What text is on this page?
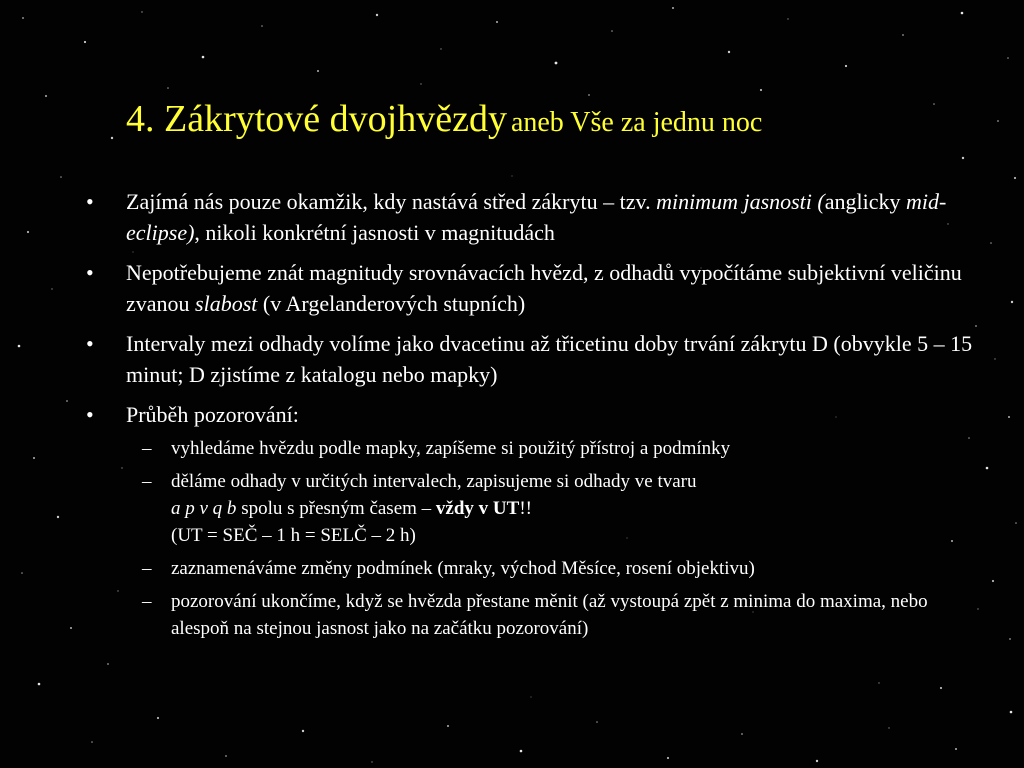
4. Zákrytové dvojhvězdy aneb Vše za jednu noc
• Zajímá nás pouze okamžik, kdy nastává střed zákrytu – tzv. minimum jasnosti (anglicky mid-eclipse), nikoli konkrétní jasnosti v magnitudách
• Nepotřebujeme znát magnitudy srovnávacích hvězd, z odhadů vypočítáme subjektivní veličinu zvanou slabost (v Argelanderových stupních)
• Intervaly mezi odhady volíme jako dvacetinu až třicetinu doby trvání zákrytu D (obvykle 5 – 15 minut; D zjistíme z katalogu nebo mapky)
• Průběh pozorování:
– vyhledáme hvězdu podle mapky, zapíšeme si použitý přístroj a podmínky
– děláme odhady v určitých intervalech, zapisujeme si odhady ve tvaru
a p v q b spolu s přesným časem – vždy v UT!!
(UT = SEČ – 1 h = SELČ – 2 h)
– zaznamenáváme změny podmínek (mraky, východ Měsíce, rosení objektivu)
– pozorování ukončíme, když se hvězda přestane měnit (až vystoupá zpět z minima do maxima, nebo alespoň na stejnou jasnost jako na začátku pozorování)
